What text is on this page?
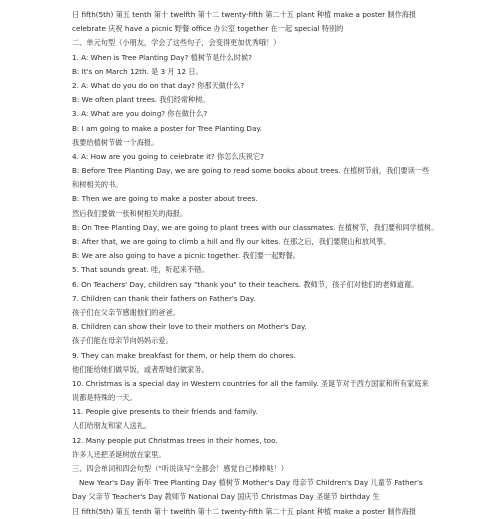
日 fifth(5th) 第五 tenth 第十 twelfth 第十二 twenty-fifth 第二十五 plant 种植 make a poster 制作海报
celebrate 庆祝 have a picnic 野餐 office 办公室 together 在一起 special 特别的
二、单元句型（小朋友，学会了这些句子，会变得更加优秀哦！）
1. A: When is Tree Planting Day? 植树节是什么时候?
B: It's on March 12th. 是 3 月 12 日。
2. A: What do you do on that day? 你那天做什么?
B: We often plant trees. 我们经常种树。
3. A: What are you doing? 你在做什么?
B: I am going to make a poster for Tree Planting Day.
我要给植树节做一个海报。
4. A: How are you going to celebrate it? 你怎么庆祝它?
B: Before Tree Planting Day, we are going to read some books about trees. 在植树节前，我们要读一些
和树相关的书。
B: Then we are going to make a poster about trees.
然后我们要做一张和树相关的海报。
B: On Tree Planting Day, we are going to plant trees with our classmates. 在植树节，我们要和同学植树。
B: After that, we are going to climb a hill and fly our kites. 在那之后，我们要爬山和放风筝。
B: We are also going to have a picnic together. 我们要一起野餐。
5. That sounds great. 哇，听起来不错。
6. On Teachers' Day, children say "thank you" to their teachers. 教师节，孩子们对他们的老师道谢。
7. Children can thank their fathers on Father's Day.
孩子们在父亲节感谢他们的爸爸。
8. Children can show their love to their mothers on Mother's Day.
孩子们能在母亲节向妈妈示爱。
9. They can make breakfast for them, or help them do chores.
他们能给她们做早饭，或者帮她们做家务。
10. Christmas is a special day in Western countries for all the family. 圣诞节对于西方国家和所有家庭来
说都是特殊的一天。
11. People give presents to their friends and family.
人们给朋友和家人送礼。
12. Many people put Christmas trees in their homes, too.
许多人还把圣诞树放在家里。
三、四会单词和四会句型（“听说读写”全都会！感觉自己棒棒哒！）
New Year's Day 新年 Tree Planting Day 植树节 Mother's Day 母亲节 Children's Day 儿童节 Father's
Day 父亲节 Teacher's Day 教师节 National Day 国庆节 Christmas Day 圣诞节 birthday 生
日 fifth(5th) 第五 tenth 第十 twelfth 第十二 twenty-fifth 第二十五 plant 种植 make a poster 制作海报
